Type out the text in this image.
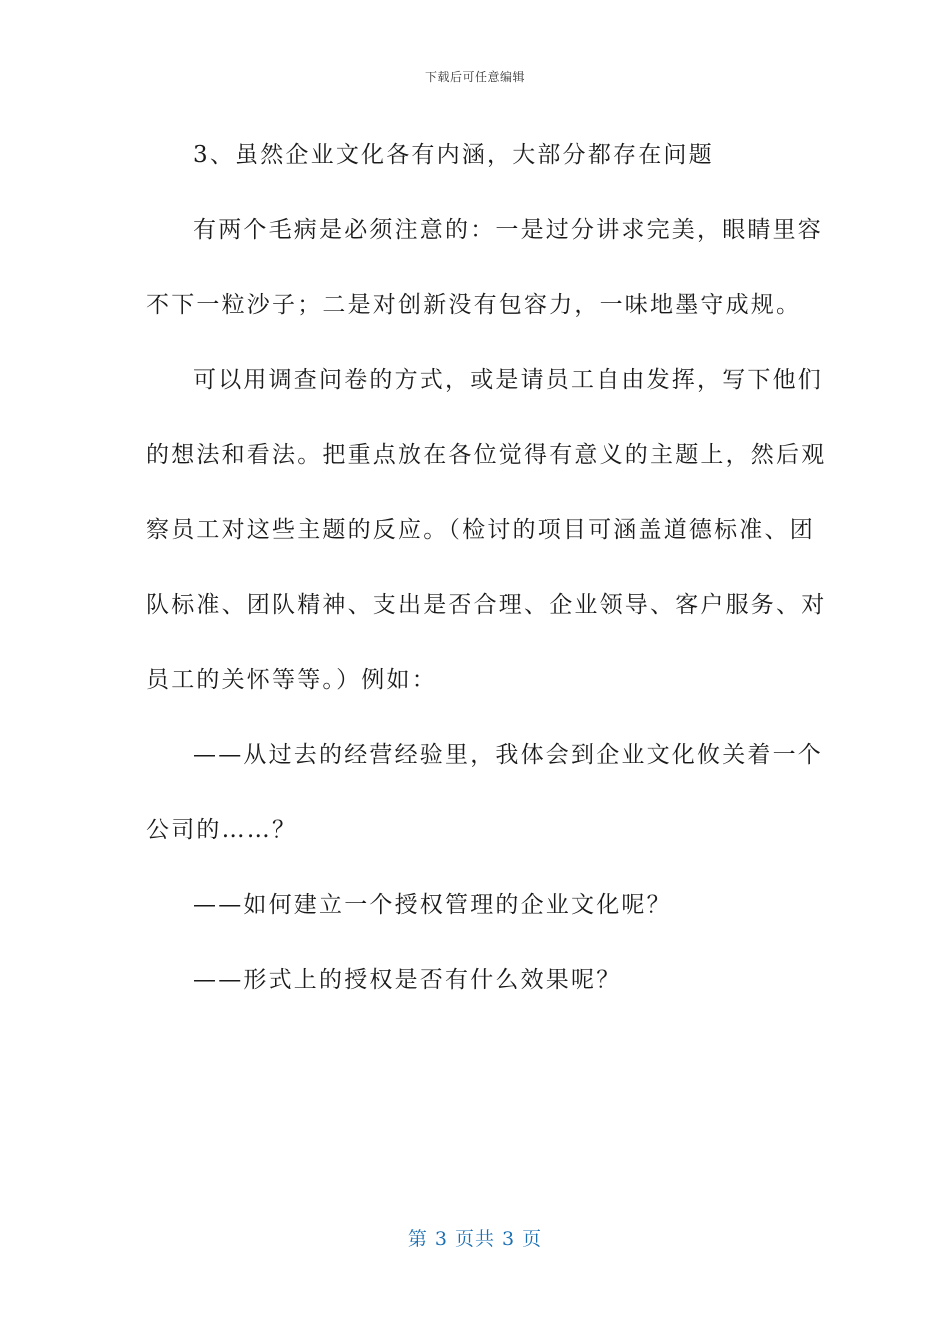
下载后可任意编辑
3、虽然企业文化各有内涵，大部分都存在问题
有两个毛病是必须注意的：一是过分讲求完美，眼睛里容
不下一粒沙子；二是对创新没有包容力，一味地墨守成规。
可以用调查问卷的方式，或是请员工自由发挥，写下他们
的想法和看法。把重点放在各位觉得有意义的主题上，然后观
察员工对这些主题的反应。（检讨的项目可涵盖道德标准、团
队标准、团队精神、支出是否合理、企业领导、客户服务、对
员工的关怀等等。）例如：
——从过去的经营经验里，我体会到企业文化攸关着一个
公司的……？
——如何建立一个授权管理的企业文化呢？
——形式上的授权是否有什么效果呢？
第 3 页共 3 页
